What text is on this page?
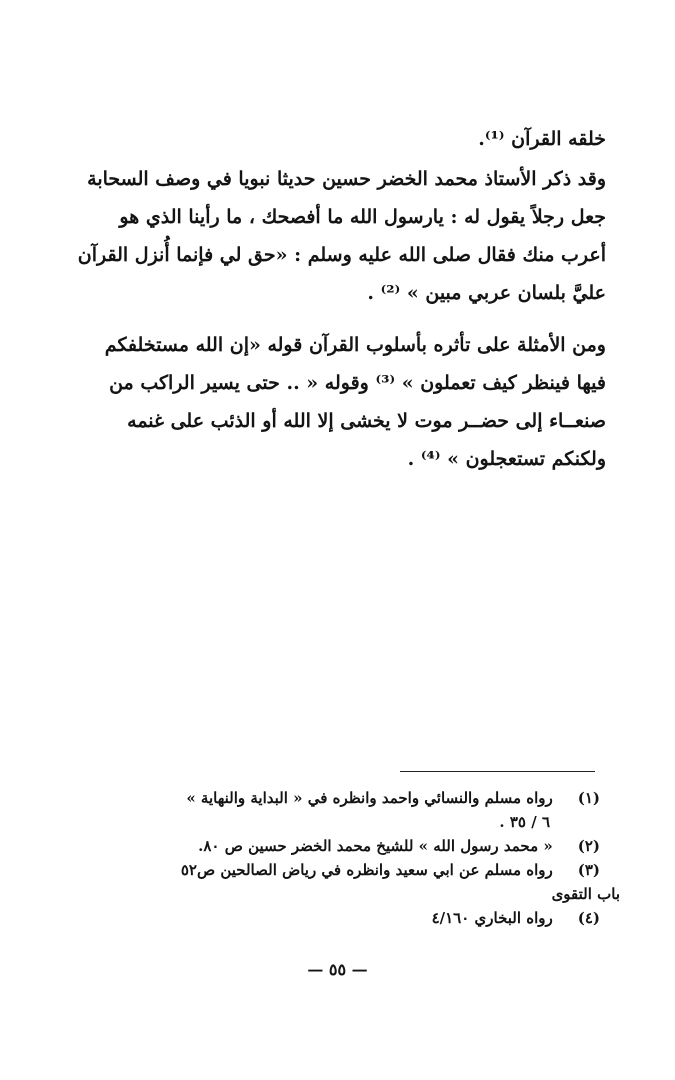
خلقه القرآن ⁽¹⁾.
وقد ذكر الأستاذ محمد الخضر حسين حديثا نبويا في وصف السحابة
جعل رجلاً يقول له : يارسول الله ما أفصحك ، ما رأينا الذي هو
أعرب منك فقال صلى الله عليه وسلم : «حق لي فإنما أُنزل القرآن
عليَّ بلسان عربي مبين » ⁽²⁾ .
ومن الأمثلة على تأثره بأسلوب القرآن قوله «إن الله مستخلفكم
فيها فينظر كيف تعملون » ⁽³⁾ وقوله « .. حتى يسير الراكب من
صنعــاء إلى حضــر موت لا يخشى إلا الله أو الذئب على غنمه
ولكنكم تستعجلون » ⁽⁴⁾ .
(١) رواه مسلم والنسائي واحمد وانظره في « البداية والنهاية »
٦ / ٣٥ .
(٢) « محمد رسول الله » للشيخ محمد الخضر حسين ص ٨٠.
(٣) رواه مسلم عن ابي سعيد وانظره في رياض الصالحين ص٥٢
باب التقوى
(٤) رواه البخاري ٤/١٦٠
— ٥٥ —
